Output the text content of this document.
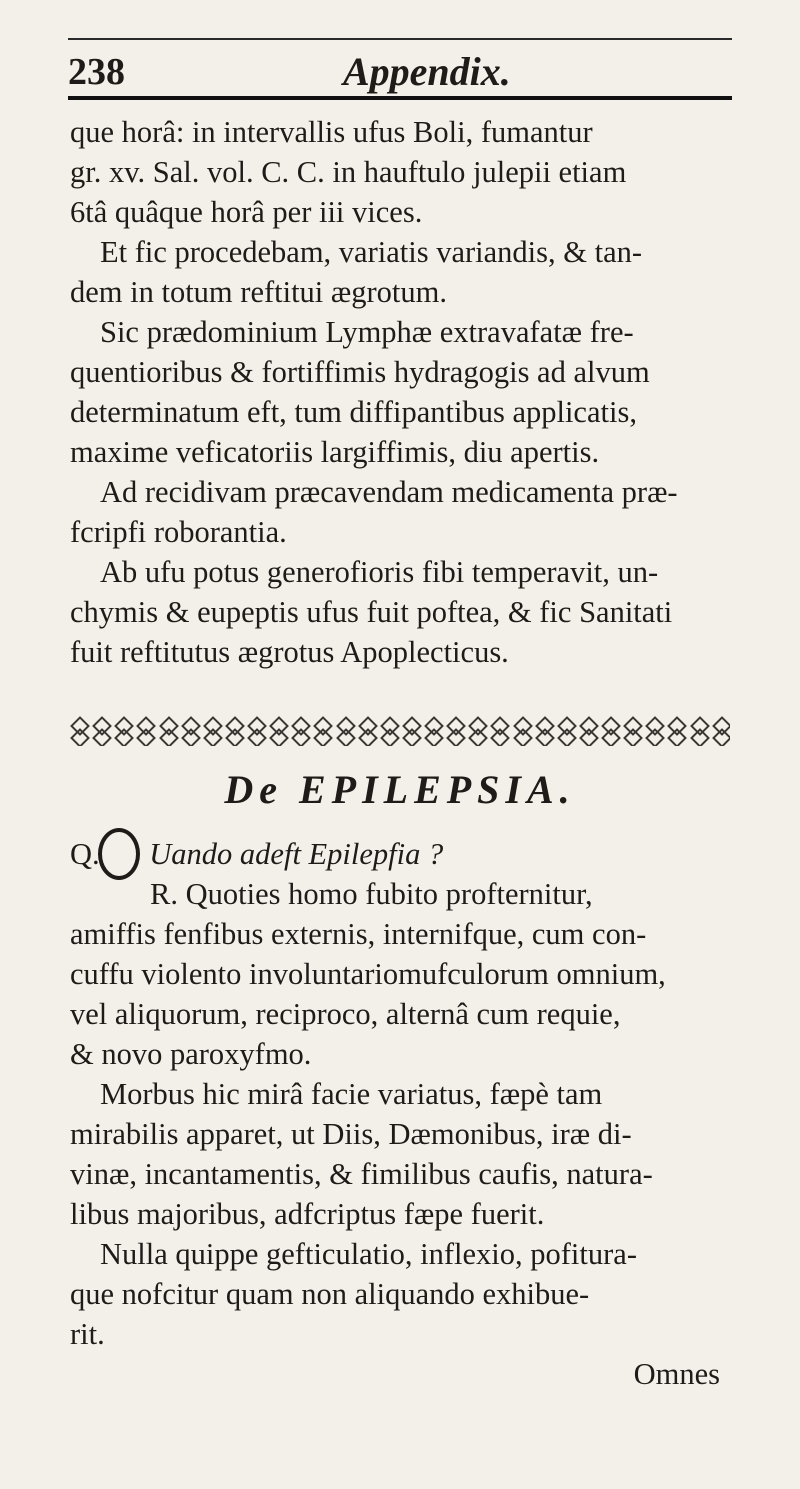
238	Appendix.
que horâ: in intervallis ufus Boli, fumantur
gr. xv. Sal. vol. C. C. in hauftulo julepii etiam
6tâ quâque horâ per iii vices.
Et fic procedebam, variatis variandis, & tan-
dem in totum reftitui ægrotum.
Sic prædominium Lymphæ extravafatæ fre-
quentioribus & fortiffimis hydragogis ad alvum
determinatum eft, tum diffipantibus applicatis,
maxime veficatoriis largiffimis, diu apertis.
Ad recidivam præcavendam medicamenta præ-
fcripfi roborantia.
Ab ufu potus generofioris fibi temperavit, un-
chymis & eupeptis ufus fuit poftea, & fic Sanitati
fuit reftitutus ægrotus Apoplecticus.
De EPILEPSIA.
Q. Uando adeft Epilepfia ?
R. Quoties homo fubito profternitur,
amiffis fenfibus externis, internifque, cum con-
cuffu violento involuntariomufculorum omnium,
vel aliquorum, reciproco, alternâ cum requie,
& novo paroxyfmo.
Morbus hic mirâ facie variatus, fæpè tam
mirabilis apparet, ut Diis, Dæmonibus, iræ di-
vinæ, incantamentis, & fimilibus caufis, natura-
libus majoribus, adfcriptus fæpe fuerit.
Nulla quippe gefticulatio, inflexio, pofitura-
que nofcitur quam non aliquando exhibue-
rit.
Omnes
